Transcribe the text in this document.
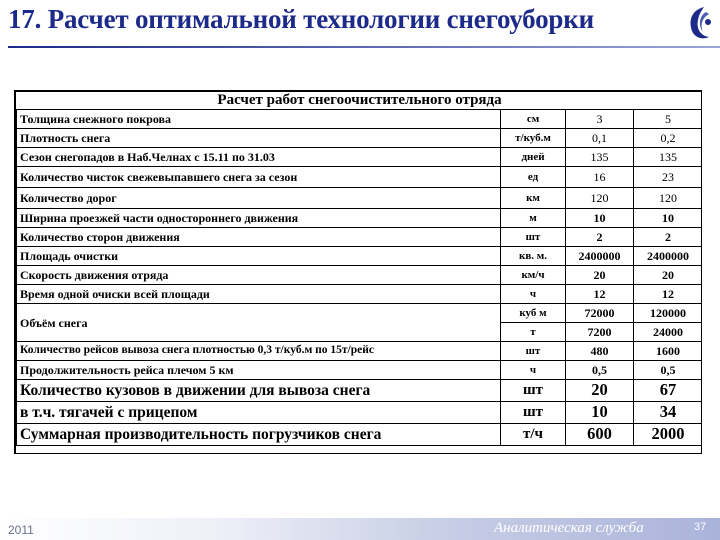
17. Расчет оптимальной технологии снегоуборки
Расчет работ снегоочистительного отряда			
Толщина снежного покрова	см	3	5
Плотность снега	т/куб.м	0,1	0,2
Сезон снегопадов в Наб.Челнах с 15.11 по 31.03	дней	135	135
Количество чисток свежевыпавшего снега за сезон	ед	16	23
Количество дорог	км	120	120
Ширина проезжей части одностороннего движения	м	10	10
Количество сторон движения	шт	2	2
Площадь очистки	кв. м.	2400000	2400000
Скорость движения отряда	км/ч	20	20
Время одной очиски всей площади	ч	12	12
Объём снега	куб м	72000	120000
	т	7200	24000
Количество рейсов вывоза снега плотностью 0,3 т/куб.м по 15т/рейс	шт	480	1600
Продолжительность рейса плечом 5 км	ч	0,5	0,5
Количество кузовов в движении для вывоза снега	шт	20	67
в т.ч. тягачей с прицепом	шт	10	34
Суммарная производительность погрузчиков снега	т/ч	600	2000
2011	Аналитическая служба	37
